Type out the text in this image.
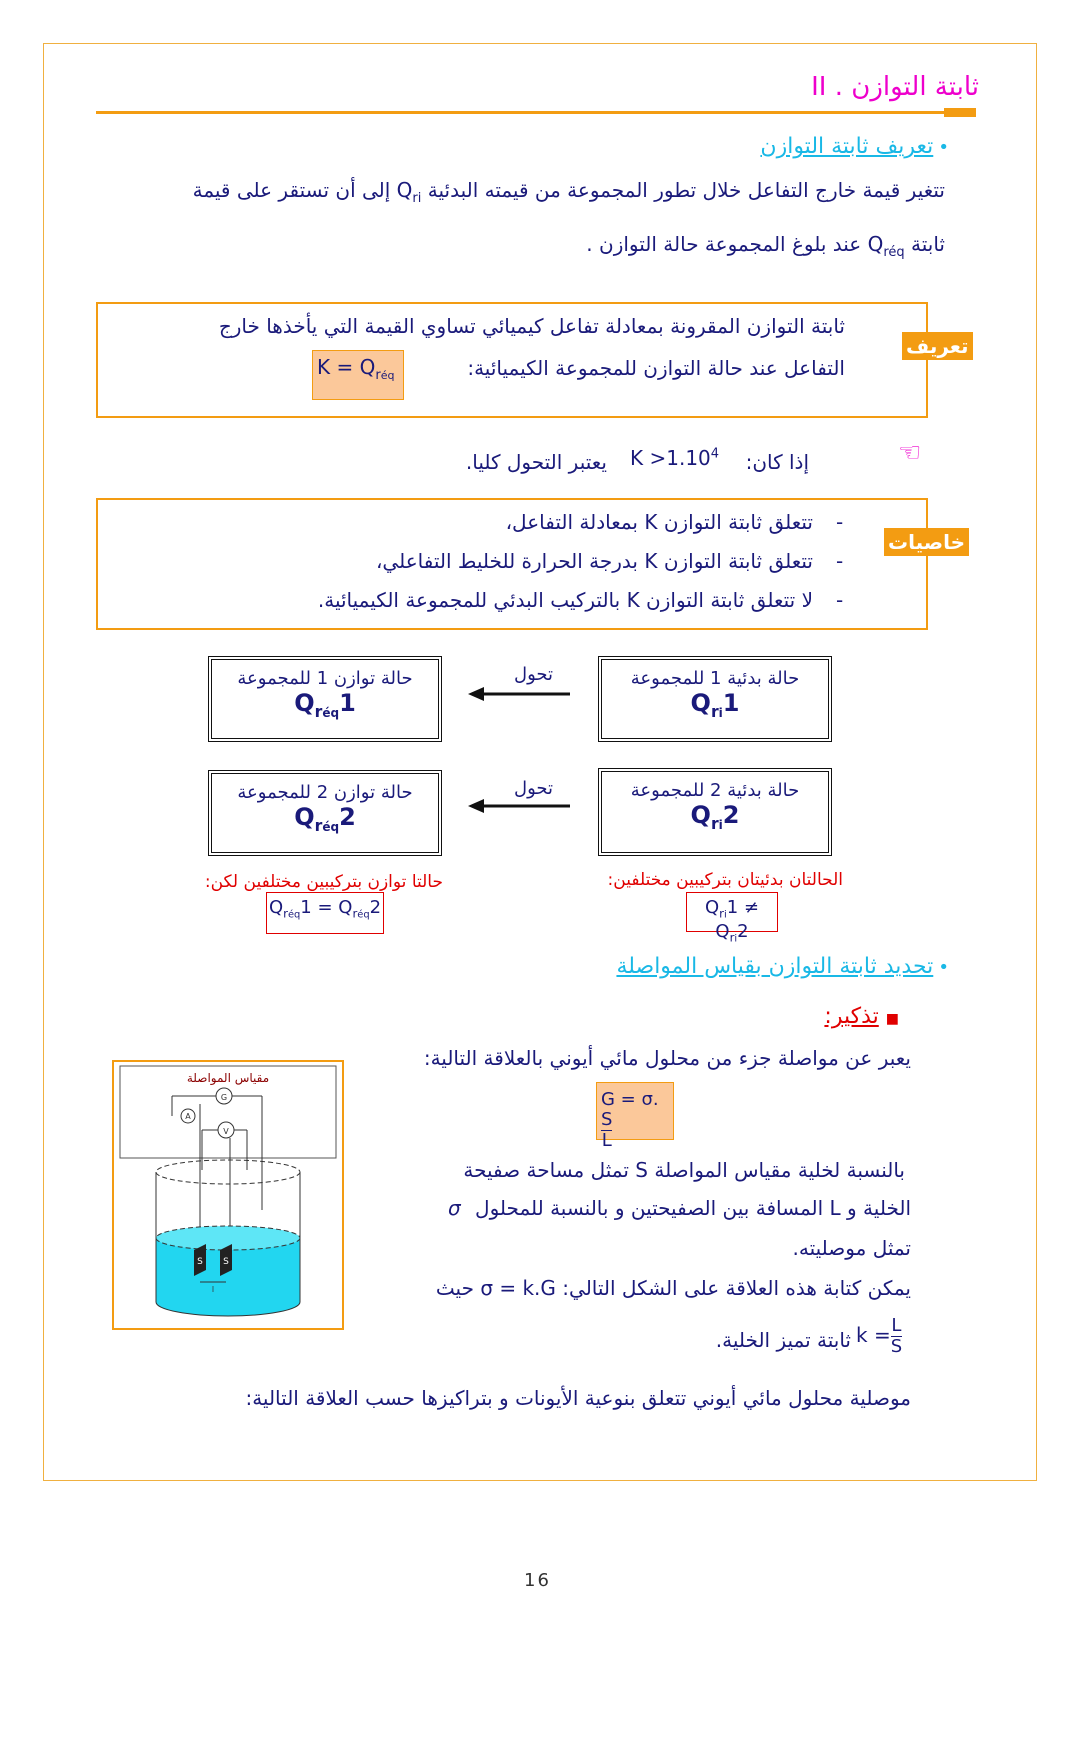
II . ثابتة التوازن
• تعريف ثابتة التوازن
تتغير قيمة خارج التفاعل خلال تطور المجموعة من قيمته البدئية $Q_{ri}$ إلى أن تستقر على قيمة
ثابتة $Q_{réq}$ عند بلوغ المجموعة حالة التوازن .
تعريف
ثابتة التوازن المقرونة بمعادلة تفاعل كيميائي تساوي القيمة التي يأخذها خارج
التفاعل عند حالة التوازن للمجموعة الكيميائية:
$K = Q_{réq}$
☜
إذا كان:
$K >1.10^4$
يعتبر التحول كليا.
خاصيات
-
تتعلق ثابتة التوازن K بمعادلة التفاعل،
-
تتعلق ثابتة التوازن K بدرجة الحرارة للخليط التفاعلي،
-
لا تتعلق ثابتة التوازن K بالتركيب البدئي للمجموعة الكيميائية.
حالة بدئية 1 للمجموعة
$Q_{ri}1$
حالة توازن 1 للمجموعة
$Q_{réq}1$
حالة بدئية 2 للمجموعة
$Q_{ri}2$
حالة توازن 2 للمجموعة
$Q_{réq}2$
تحول
تحول
الحالتان بدئيتان بتركيبين مختلفين:
$Q_{ri}1 \ne Q_{ri}2$
حالتا توازن بتركيبين مختلفين لكن:
$Q_{réq}1 = Q_{réq}2$
• تحديد ثابتة التوازن بقياس المواصلة
■ تذكير:
يعبر عن مواصلة جزء من محلول مائي أيوني بالعلاقة التالية:
G = σ.
$\frac{S}{L}$
بالنسبة لخلية مقياس المواصلة S تمثل مساحة صفيحة
الخلية و L المسافة بين الصفيحتين و بالنسبة للمحلول σ
تمثل موصليته.
يمكن كتابة هذه العلاقة على الشكل التالي: σ = k.G حيث
$k = \frac{L}{S}$
ثابتة تميز الخلية.
موصلية محلول مائي أيوني تتعلق بنوعية الأيونات و بتراكيزها حسب العلاقة التالية:
مقياس المواصلة
G
A
V
S S
l
16
